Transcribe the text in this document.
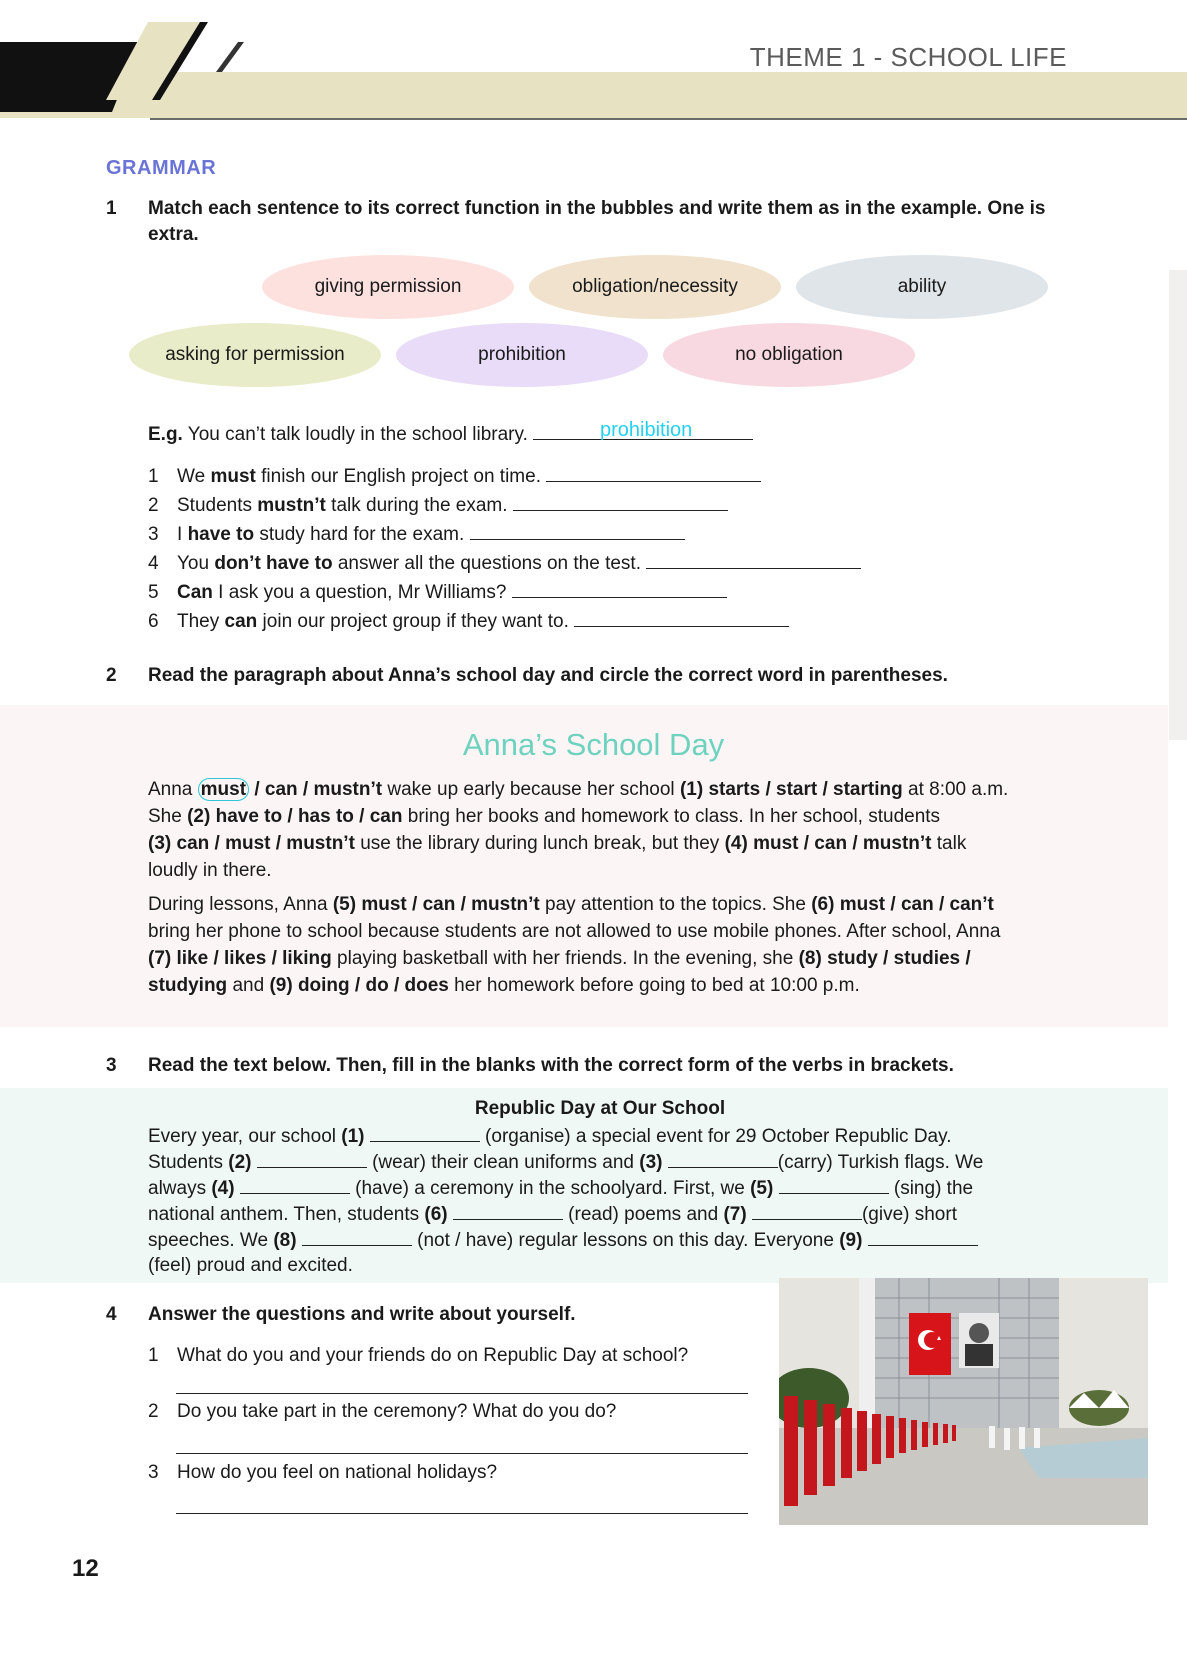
THEME 1 - SCHOOL LIFE
GRAMMAR
1 Match each sentence to its correct function in the bubbles and write them as in the example. One is extra.
giving permission	obligation/necessity	ability
asking for permission	prohibition	no obligation
E.g. You can’t talk loudly in the school library.	prohibition
1 We must finish our English project on time.
2 Students mustn’t talk during the exam.
3 I have to study hard for the exam.
4 You don’t have to answer all the questions on the test.
5 Can I ask you a question, Mr Williams?
6 They can join our project group if they want to.
2 Read the paragraph about Anna’s school day and circle the correct word in parentheses.
Anna’s School Day
Anna must / can / mustn’t wake up early because her school (1) starts / start / starting at 8:00 a.m.
She (2) have to / has to / can bring her books and homework to class. In her school, students
(3) can / must / mustn’t use the library during lunch break, but they (4) must / can / mustn’t talk
loudly in there.
During lessons, Anna (5) must / can / mustn’t pay attention to the topics. She (6) must / can / can’t
bring her phone to school because students are not allowed to use mobile phones. After school, Anna
(7) like / likes / liking playing basketball with her friends. In the evening, she (8) study / studies /
studying and (9) doing / do / does her homework before going to bed at 10:00 p.m.
3 Read the text below. Then, fill in the blanks with the correct form of the verbs in brackets.
Republic Day at Our School
Every year, our school (1)	(organise) a special event for 29 October Republic Day.
Students (2)	(wear) their clean uniforms and (3)	(carry) Turkish flags. We
always (4)	(have) a ceremony in the schoolyard. First, we (5)	(sing) the
national anthem. Then, students (6)	(read) poems and (7)	(give) short
speeches. We (8)	(not / have) regular lessons on this day. Everyone (9)
(feel) proud and excited.
4 Answer the questions and write about yourself.
1 What do you and your friends do on Republic Day at school?
2 Do you take part in the ceremony? What do you do?
3 How do you feel on national holidays?
12
